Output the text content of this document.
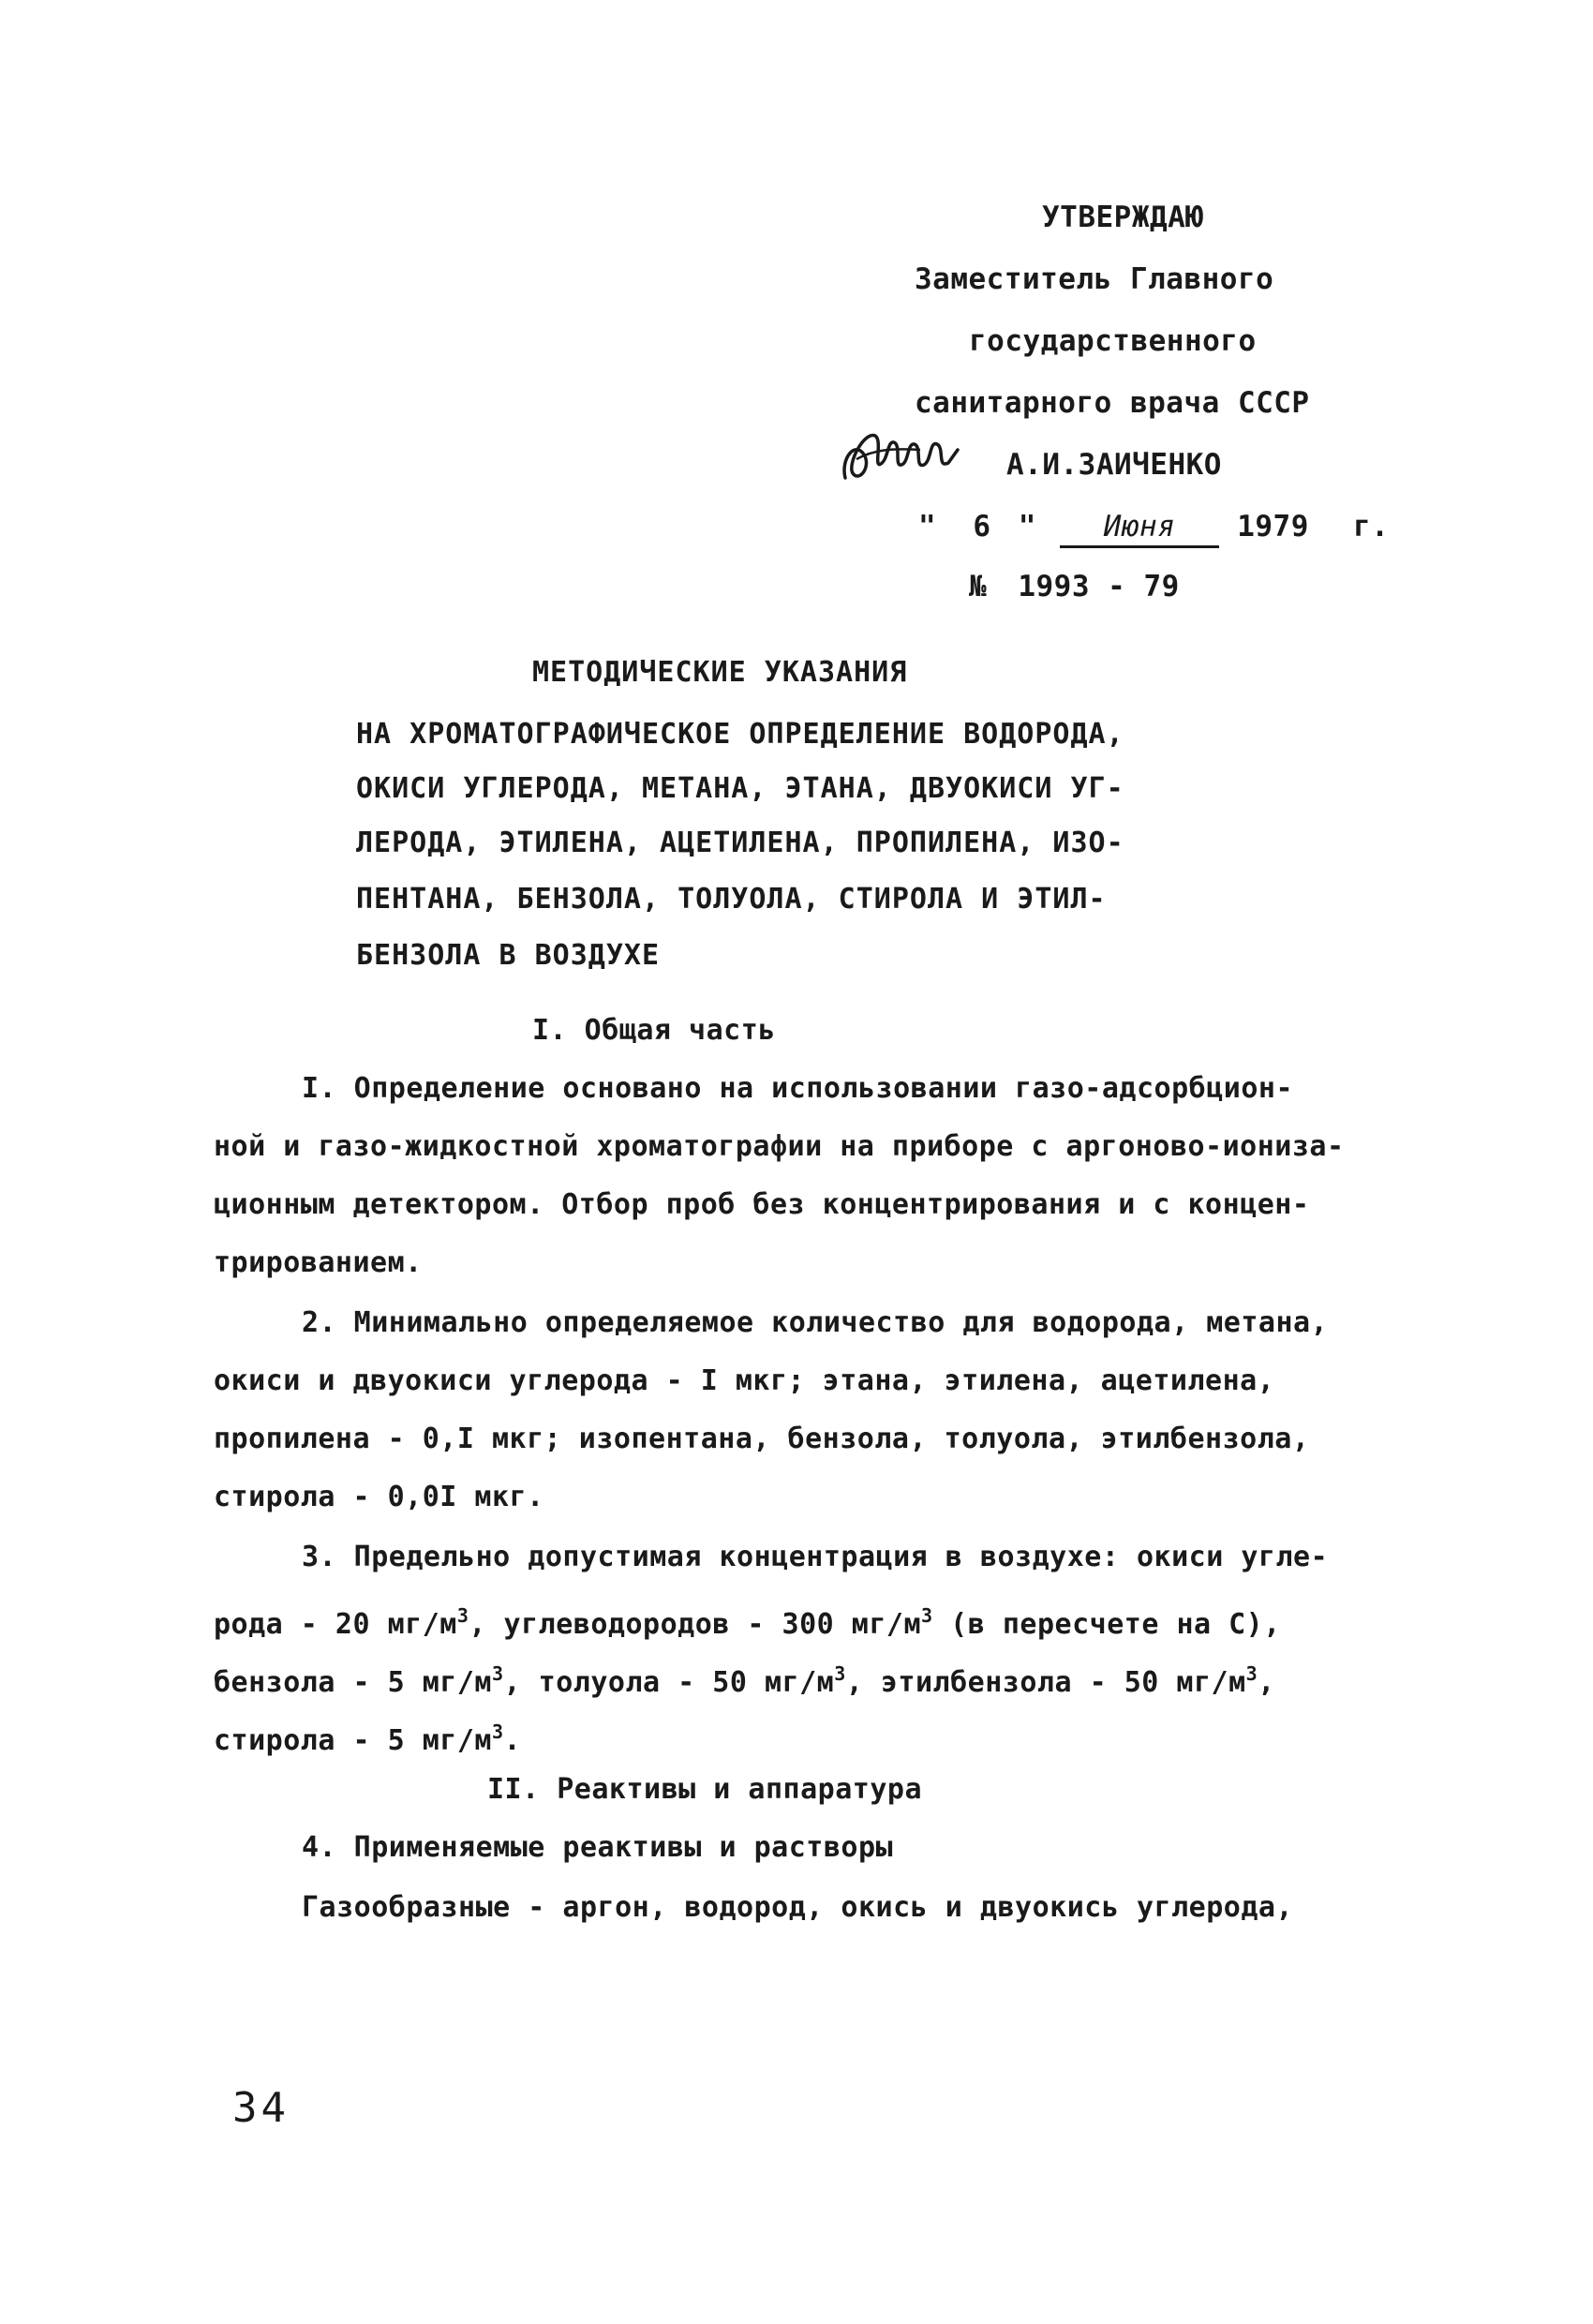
УТВЕРЖДАЮ
Заместитель Главного
государственного
санитарного врача СССР
А.И.ЗАИЧЕНКО
" 6 " Июня 1979 г.
№ 1993 - 79
МЕТОДИЧЕСКИЕ УКАЗАНИЯ
НА ХРОМАТОГРАФИЧЕСКОЕ ОПРЕДЕЛЕНИЕ ВОДОРОДА,
ОКИСИ УГЛЕРОДА, МЕТАНА, ЭТАНА, ДВУОКИСИ УГ-
ЛЕРОДА, ЭТИЛЕНА, АЦЕТИЛЕНА, ПРОПИЛЕНА, ИЗО-
ПЕНТАНА, БЕНЗОЛА, ТОЛУОЛА, СТИРОЛА И ЭТИЛ-
БЕНЗОЛА В ВОЗДУХЕ
I. Общая часть
I. Определение основано на использовании газо-адсорбцион-
ной и газо-жидкостной хроматографии на приборе с аргоново-иониза-
ционным детектором. Отбор проб без концентрирования и с концен-
трированием.
2. Минимально определяемое количество для водорода, метана,
окиси и двуокиси углерода - I мкг; этана, этилена, ацетилена,
пропилена - 0,I мкг; изопентана, бензола, толуола, этилбензола,
стирола - 0,0I мкг.
3. Предельно допустимая концентрация в воздухе: окиси угле-
рода - 20 $мг/м^3$, углеводородов - 300 $мг/м^3$ (в пересчете на С),
бензола - 5 $мг/м^3$, толуола - 50 $мг/м^3$, этилбензола - 50 $мг/м^3$,
стирола - 5 $мг/м^3$.
II. Реактивы и аппаратура
4. Применяемые реактивы и растворы
Газообразные - аргон, водород, окись и двуокись углерода,
34
